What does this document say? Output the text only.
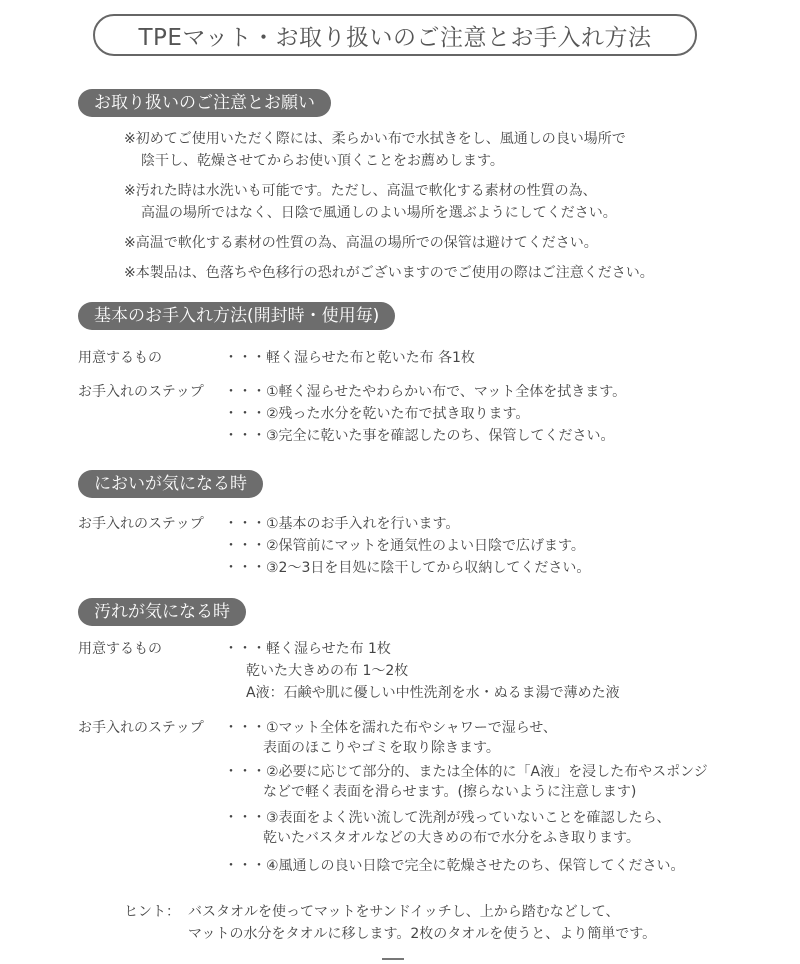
TPEマット・お取り扱いのご注意とお手入れ方法
お取り扱いのご注意とお願い
※初めてご使用いただく際には、柔らかい布で水拭きをし、風通しの良い場所で
陰干し、乾燥させてからお使い頂くことをお薦めします。
※汚れた時は水洗いも可能です。ただし、高温で軟化する素材の性質の為、
高温の場所ではなく、日陰で風通しのよい場所を選ぶようにしてください。
※高温で軟化する素材の性質の為、高温の場所での保管は避けてください。
※本製品は、色落ちや色移行の恐れがございますのでご使用の際はご注意ください。
基本のお手入れ方法(開封時・使用毎)
用意するもの	・・・軽く湿らせた布と乾いた布 各1枚
お手入れのステップ ・・・①軽く湿らせたやわらかい布で、マット全体を拭きます。
・・・②残った水分を乾いた布で拭き取ります。
・・・③完全に乾いた事を確認したのち、保管してください。
においが気になる時
お手入れのステップ ・・・①基本のお手入れを行います。
・・・②保管前にマットを通気性のよい日陰で広げます。
・・・③2〜3日を目処に陰干してから収納してください。
汚れが気になる時
用意するもの	・・・軽く湿らせた布 1枚
乾いた大きめの布 1〜2枚
A液：石鹸や肌に優しい中性洗剤を水・ぬるま湯で薄めた液
お手入れのステップ ・・・①マット全体を濡れた布やシャワーで湿らせ、
表面のほこりやゴミを取り除きます。
・・・②必要に応じて部分的、または全体的に「A液」を浸した布やスポンジ
などで軽く表面を滑らせます。(擦らないように注意します)
・・・③表面をよく洗い流して洗剤が残っていないことを確認したら、
乾いたバスタオルなどの大きめの布で水分をふき取ります。
・・・④風通しの良い日陰で完全に乾燥させたのち、保管してください。
ヒント： バスタオルを使ってマットをサンドイッチし、上から踏むなどして、
マットの水分をタオルに移します。2枚のタオルを使うと、より簡単です。
